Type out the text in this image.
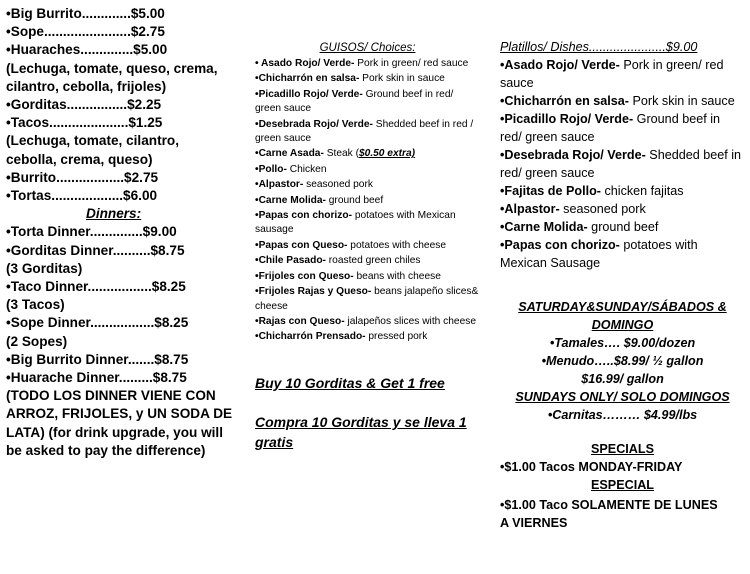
•Big Burrito.............$5.00
•Sope.......................$2.75
•Huaraches..............$5.00
(Lechuga, tomate, queso, crema,
cilantro, cebolla, frijoles)
•Gorditas................$2.25
•Tacos.....................$1.25
(Lechuga, tomate, cilantro,
cebolla, crema, queso)
•Burrito..................$2.75
•Tortas...................$6.00
Dinners:
•Torta Dinner..............$9.00
•Gorditas Dinner..........$8.75
(3 Gorditas)
•Taco Dinner.................$8.25
(3 Tacos)
•Sope Dinner.................$8.25
(2 Sopes)
•Big Burrito Dinner.......$8.75
•Huarache Dinner.........$8.75
(TODO LOS DINNER VIENE CON ARROZ, FRIJOLES, y UN SODA DE LATA) (for drink upgrade, you will be asked to pay the difference)
GUISOS/ Choices:
• Asado Rojo/ Verde- Pork in green/ red sauce
•Chicharrón en salsa- Pork skin in sauce
•Picadillo Rojo/ Verde- Ground beef in red/ green sauce
•Desebrada Rojo/ Verde- Shedded beef in red / green sauce
•Carne Asada- Steak ($0.50 extra)
•Pollo- Chicken
•Alpastor- seasoned pork
•Carne Molida- ground beef
•Papas con chorizo- potatoes with Mexican sausage
•Papas con Queso- potatoes with cheese
•Chile Pasado- roasted green chiles
•Frijoles con Queso- beans with cheese
•Frijoles Rajas y Queso- beans jalapeño slices& cheese
•Rajas con Queso- jalapeños slices with cheese
•Chicharrón Prensado- pressed pork
Buy 10 Gorditas & Get 1 free
Compra 10 Gorditas y se lleva 1 gratis
Platillos/ Dishes......................$9.00
•Asado Rojo/ Verde- Pork in green/ red sauce
•Chicharrón en salsa- Pork skin in sauce
•Picadillo Rojo/ Verde- Ground beef in red/ green sauce
•Desebrada Rojo/ Verde- Shedded beef in red/ green sauce
•Fajitas de Pollo- chicken fajitas
•Alpastor- seasoned pork
•Carne Molida- ground beef
•Papas con chorizo- potatoes with Mexican Sausage
SATURDAY&SUNDAY/SÁBADOS &
DOMINGO
•Tamales…. $9.00/dozen
•Menudo…..$8.99/ ½ gallon
$16.99/ gallon
SUNDAYS ONLY/ SOLO DOMINGOS
•Carnitas……… $4.99/lbs
SPECIALS
•$1.00 Tacos MONDAY-FRIDAY
ESPECIAL
•$1.00 Taco SOLAMENTE DE LUNES A VIERNES
